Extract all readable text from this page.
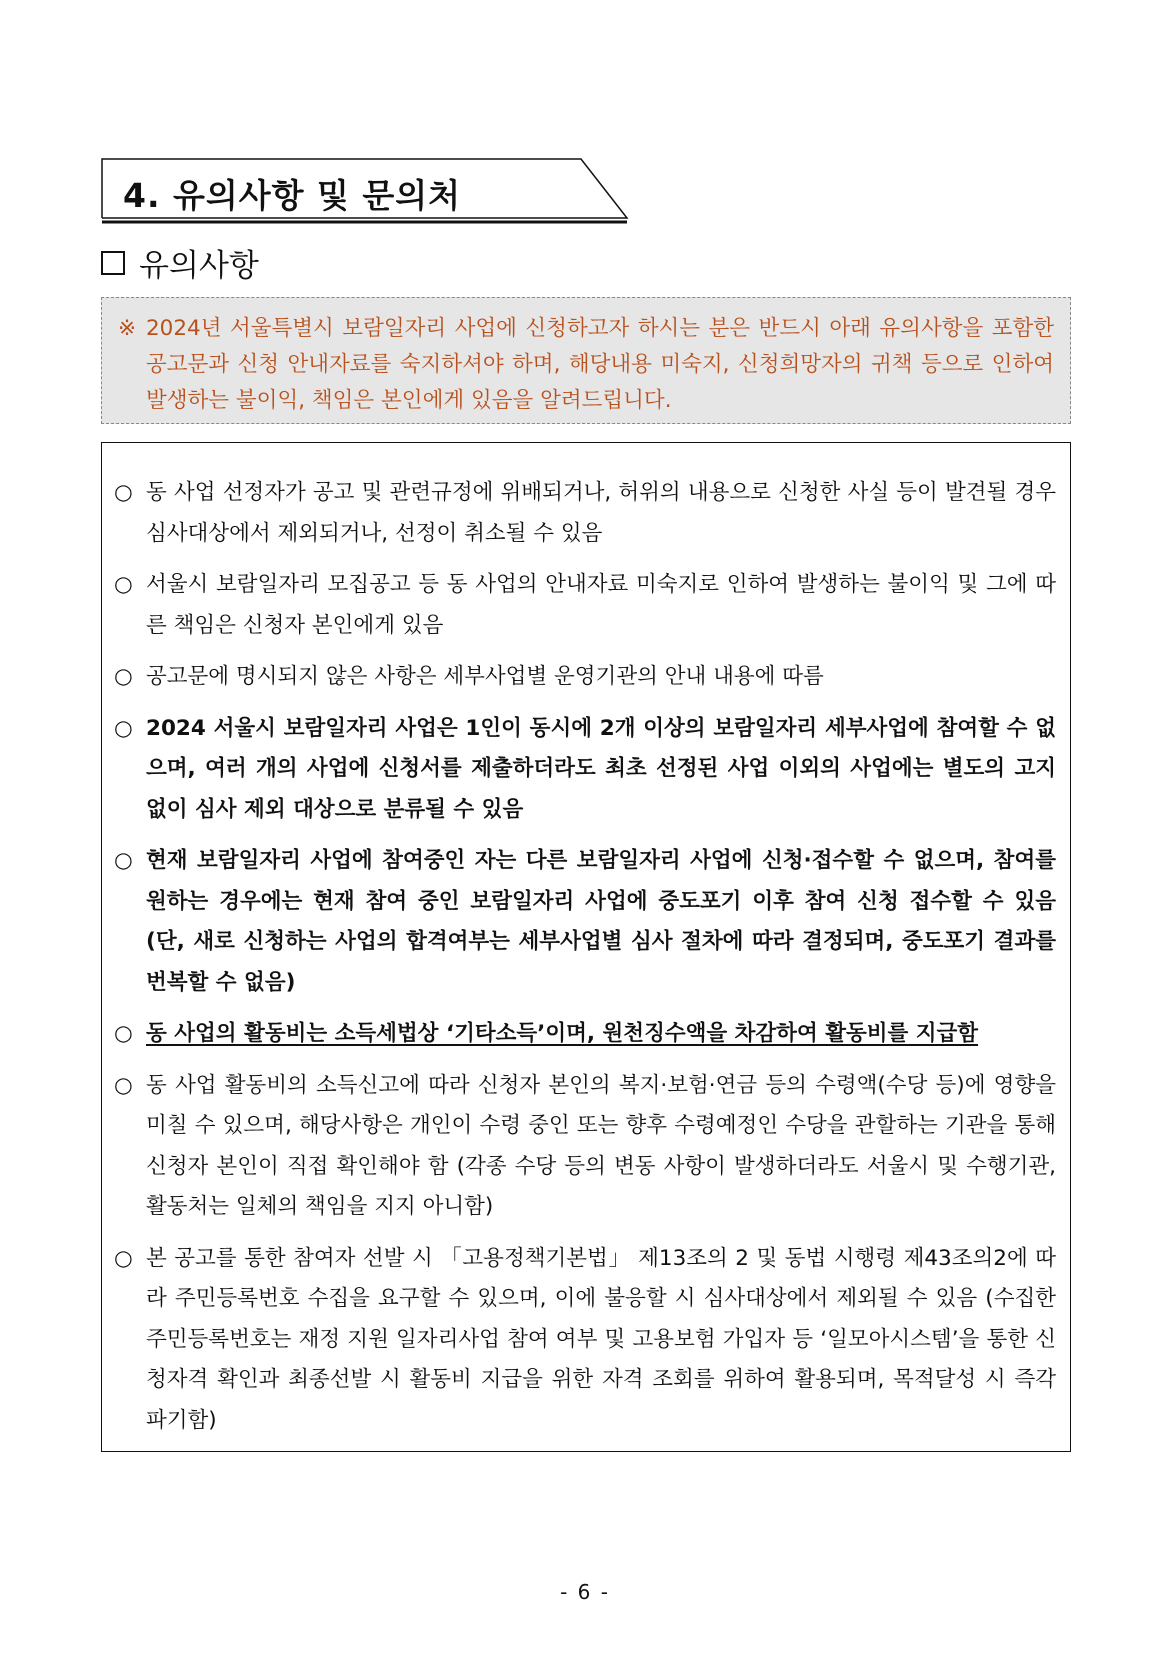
4. 유의사항 및 문의처
유의사항
※ 2024년 서울특별시 보람일자리 사업에 신청하고자 하시는 분은 반드시 아래 유의사항을 포함한 공고문과 신청 안내자료를 숙지하셔야 하며, 해당내용 미숙지, 신청희망자의 귀책 등으로 인하여 발생하는 불이익, 책임은 본인에게 있음을 알려드립니다.
○ 동 사업 선정자가 공고 및 관련규정에 위배되거나, 허위의 내용으로 신청한 사실 등이 발견될 경우 심사대상에서 제외되거나, 선정이 취소될 수 있음
○ 서울시 보람일자리 모집공고 등 동 사업의 안내자료 미숙지로 인하여 발생하는 불이익 및 그에 따른 책임은 신청자 본인에게 있음
○ 공고문에 명시되지 않은 사항은 세부사업별 운영기관의 안내 내용에 따름
○ 2024 서울시 보람일자리 사업은 1인이 동시에 2개 이상의 보람일자리 세부사업에 참여할 수 없으며, 여러 개의 사업에 신청서를 제출하더라도 최초 선정된 사업 이외의 사업에는 별도의 고지 없이 심사 제외 대상으로 분류될 수 있음
○ 현재 보람일자리 사업에 참여중인 자는 다른 보람일자리 사업에 신청·접수할 수 없으며, 참여를 원하는 경우에는 현재 참여 중인 보람일자리 사업에 중도포기 이후 참여 신청 접수할 수 있음 (단, 새로 신청하는 사업의 합격여부는 세부사업별 심사 절차에 따라 결정되며, 중도포기 결과를 번복할 수 없음)
○ 동 사업의 활동비는 소득세법상 ‘기타소득’이며, 원천징수액을 차감하여 활동비를 지급함
○ 동 사업 활동비의 소득신고에 따라 신청자 본인의 복지·보험·연금 등의 수령액(수당 등)에 영향을 미칠 수 있으며, 해당사항은 개인이 수령 중인 또는 향후 수령예정인 수당을 관할하는 기관을 통해 신청자 본인이 직접 확인해야 함 (각종 수당 등의 변동 사항이 발생하더라도 서울시 및 수행기관, 활동처는 일체의 책임을 지지 아니함)
○ 본 공고를 통한 참여자 선발 시 「고용정책기본법」 제13조의 2 및 동법 시행령 제43조의2에 따라 주민등록번호 수집을 요구할 수 있으며, 이에 불응할 시 심사대상에서 제외될 수 있음 (수집한 주민등록번호는 재정 지원 일자리사업 참여 여부 및 고용보험 가입자 등 ‘일모아시스템’을 통한 신청자격 확인과 최종선발 시 활동비 지급을 위한 자격 조회를 위하여 활용되며, 목적달성 시 즉각 파기함)
- 6 -
